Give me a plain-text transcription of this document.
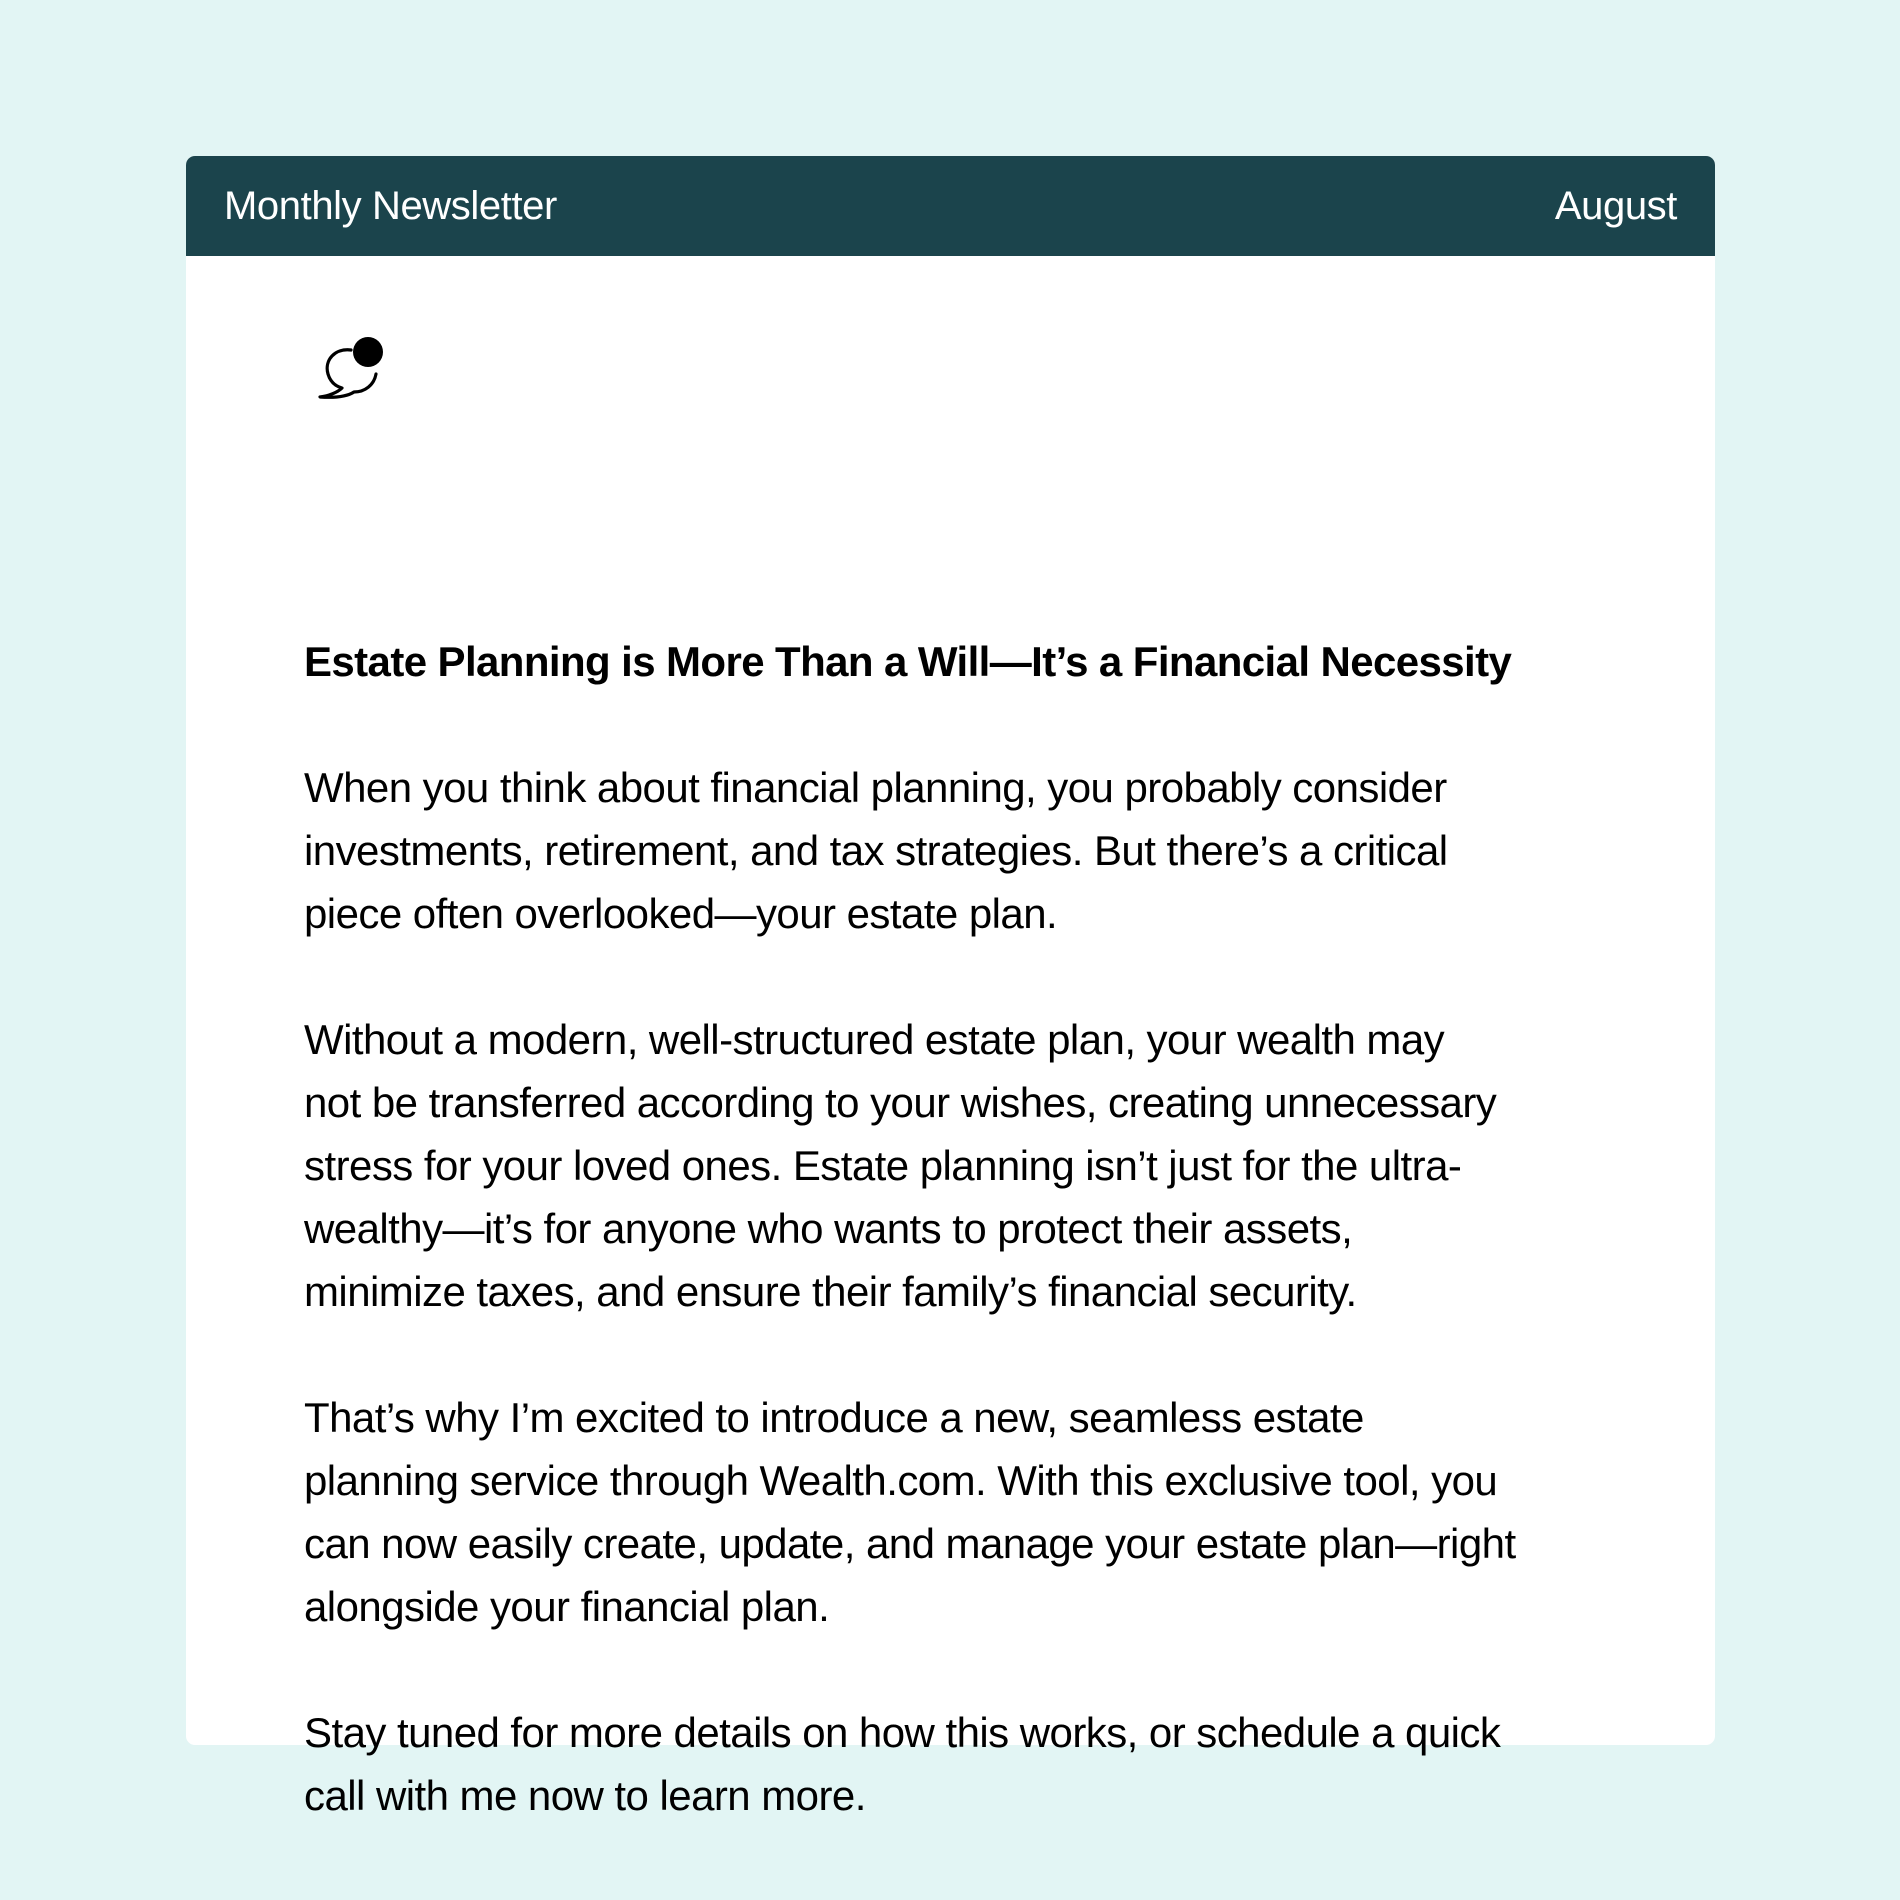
Monthly Newsletter	August
Estate Planning is More Than a Will—It’s a Financial Necessity

When you think about financial planning, you probably consider
investments, retirement, and tax strategies. But there’s a critical
piece often overlooked—your estate plan.

Without a modern, well-structured estate plan, your wealth may
not be transferred according to your wishes, creating unnecessary
stress for your loved ones. Estate planning isn’t just for the ultra-
wealthy—it’s for anyone who wants to protect their assets,
minimize taxes, and ensure their family’s financial security.

That’s why I’m excited to introduce a new, seamless estate
planning service through Wealth.com. With this exclusive tool, you
can now easily create, update, and manage your estate plan—right
alongside your financial plan.

Stay tuned for more details on how this works, or schedule a quick
call with me now to learn more.
